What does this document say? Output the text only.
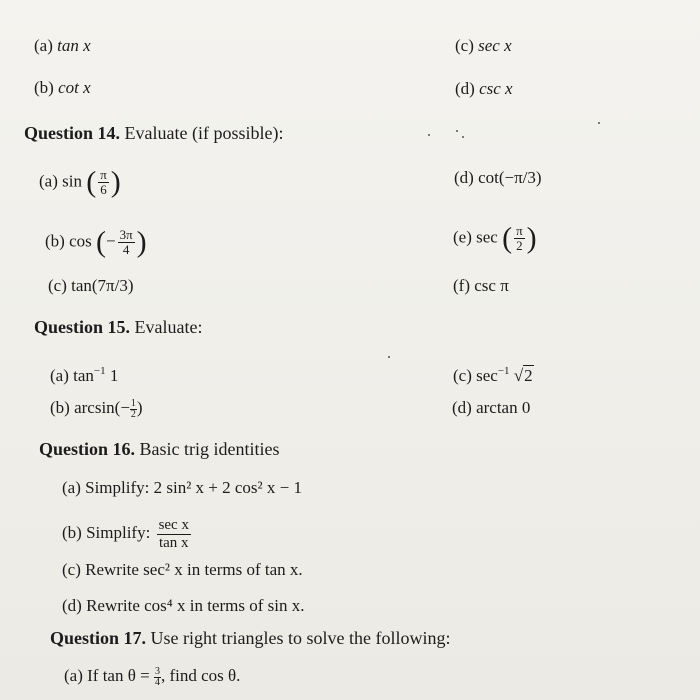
(a) tan x	(c) sec x
(b) cot x	(d) csc x
Question 14. Evaluate (if possible):
(a) sin ( $\frac{\pi}{6}$ )	(d) cot(−π/3)
(b) cos (− $\frac{3\pi}{4}$ )	(e) sec ( $\frac{\pi}{2}$ )
(c) tan(7π/3)	(f) csc π
Question 15. Evaluate:
(a) $\tan^{-1} 1$	(c) $\sec^{-1} √2$
(b) $\arcsin(- \frac{1}{2}$ )	(d) arctan 0
Question 16. Basic trig identities
(a) Simplify: 2 sin² x + 2 cos² x − 1
(b) Simplify: $\frac{\text{sec x}}{\text{tan x}}$
(c) Rewrite sec² x in terms of tan x.
(d) Rewrite cos⁴ x in terms of sin x.
Question 17. Use right triangles to solve the following:
(a) If $\tan \theta = \frac{3}{4}$ , find cos θ.
